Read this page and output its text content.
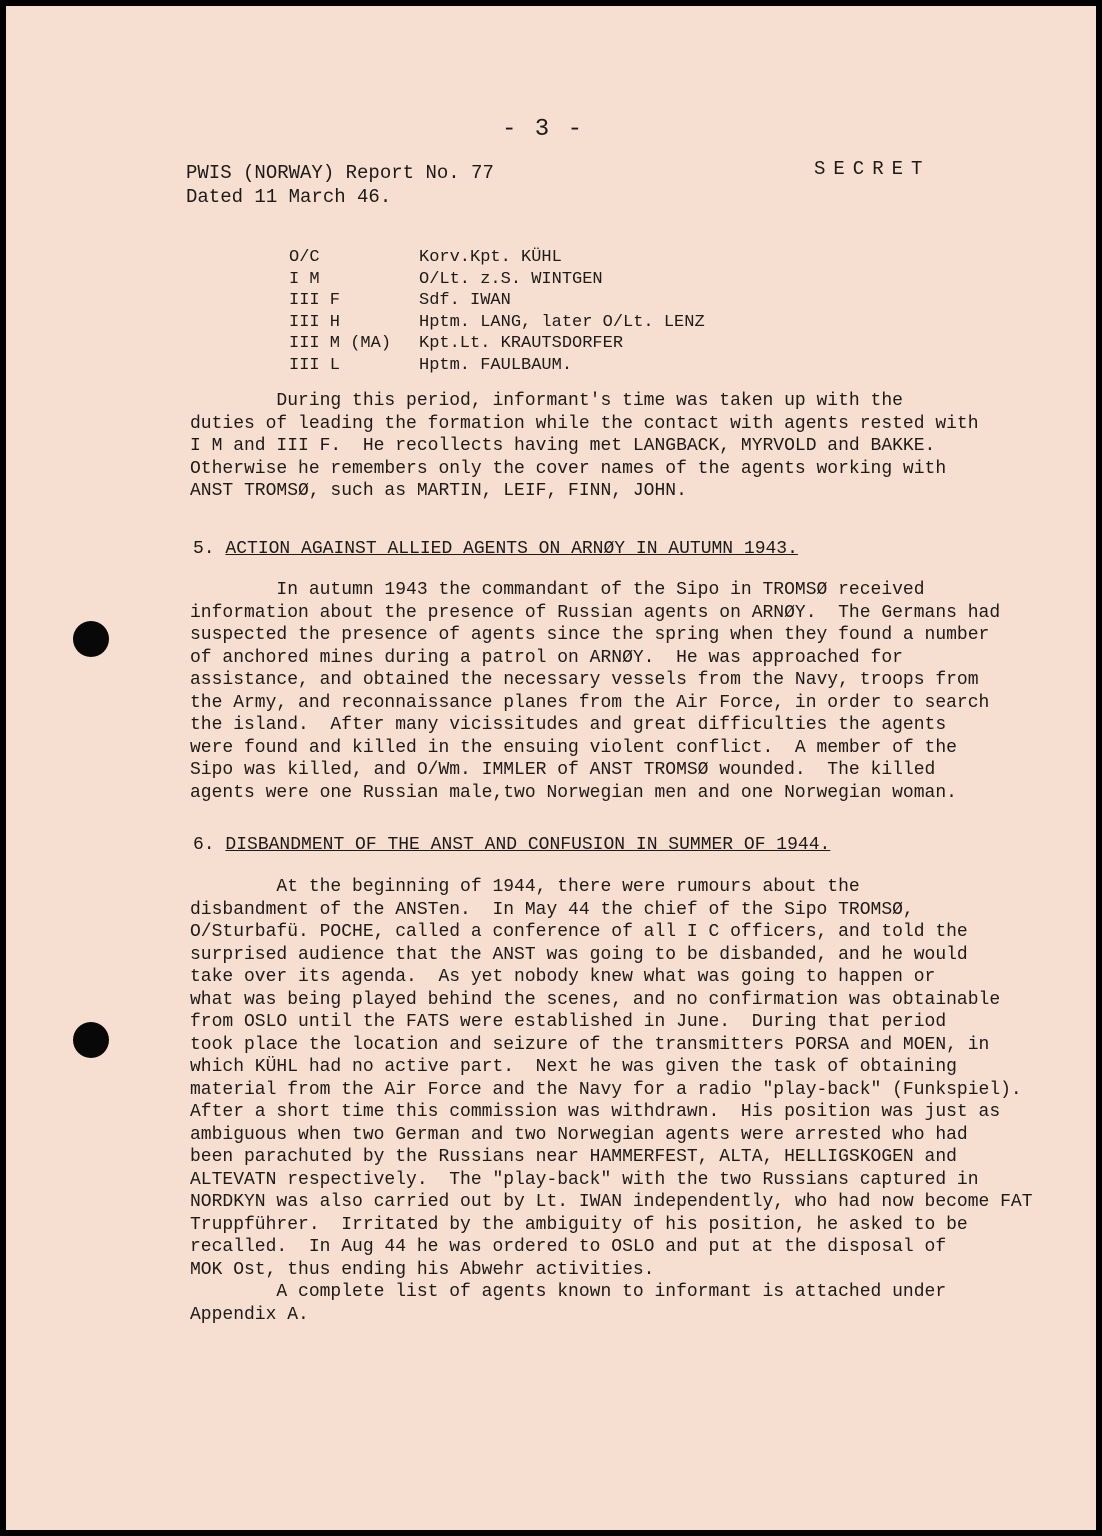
- 3 -
PWIS (NORWAY) Report No. 77
Dated 11 March 46.
SECRET
O/C	Korv.Kpt. KÜHL
I M	O/Lt. z.S. WINTGEN
III F	Sdf. IWAN
III H	Hptm. LANG, later O/Lt. LENZ
III M (MA) Kpt.Lt. KRAUTSDORFER
III L	Hptm. FAULBAUM.
During this period, informant's time was taken up with the
duties of leading the formation while the contact with agents rested with
I M and III F.  He recollects having met LANGBACK, MYRVOLD and BAKKE.
Otherwise he remembers only the cover names of the agents working with
ANST TROMSØ, such as MARTIN, LEIF, FINN, JOHN.
5. ACTION AGAINST ALLIED AGENTS ON ARNØY IN AUTUMN 1943.
In autumn 1943 the commandant of the Sipo in TROMSØ received
information about the presence of Russian agents on ARNØY.  The Germans had
suspected the presence of agents since the spring when they found a number
of anchored mines during a patrol on ARNØY.  He was approached for
assistance, and obtained the necessary vessels from the Navy, troops from
the Army, and reconnaissance planes from the Air Force, in order to search
the island.  After many vicissitudes and great difficulties the agents
were found and killed in the ensuing violent conflict.  A member of the
Sipo was killed, and O/Wm. IMMLER of ANST TROMSØ wounded.  The killed
agents were one Russian male,two Norwegian men and one Norwegian woman.
6. DISBANDMENT OF THE ANST AND CONFUSION IN SUMMER OF 1944.
At the beginning of 1944, there were rumours about the
disbandment of the ANSTen.  In May 44 the chief of the Sipo TROMSØ,
O/Sturbafü. POCHE, called a conference of all I C officers, and told the
surprised audience that the ANST was going to be disbanded, and he would
take over its agenda.  As yet nobody knew what was going to happen or
what was being played behind the scenes, and no confirmation was obtainable
from OSLO until the FATS were established in June.  During that period
took place the location and seizure of the transmitters PORSA and MOEN, in
which KÜHL had no active part.  Next he was given the task of obtaining
material from the Air Force and the Navy for a radio "play-back" (Funkspiel).
After a short time this commission was withdrawn.  His position was just as
ambiguous when two German and two Norwegian agents were arrested who had
been parachuted by the Russians near HAMMERFEST, ALTA, HELLIGSKOGEN and
ALTEVATN respectively.  The "play-back" with the two Russians captured in
NORDKYN was also carried out by Lt. IWAN independently, who had now become FAT
Truppführer.  Irritated by the ambiguity of his position, he asked to be
recalled.  In Aug 44 he was ordered to OSLO and put at the disposal of
MOK Ost, thus ending his Abwehr activities.
A complete list of agents known to informant is attached under
Appendix A.
